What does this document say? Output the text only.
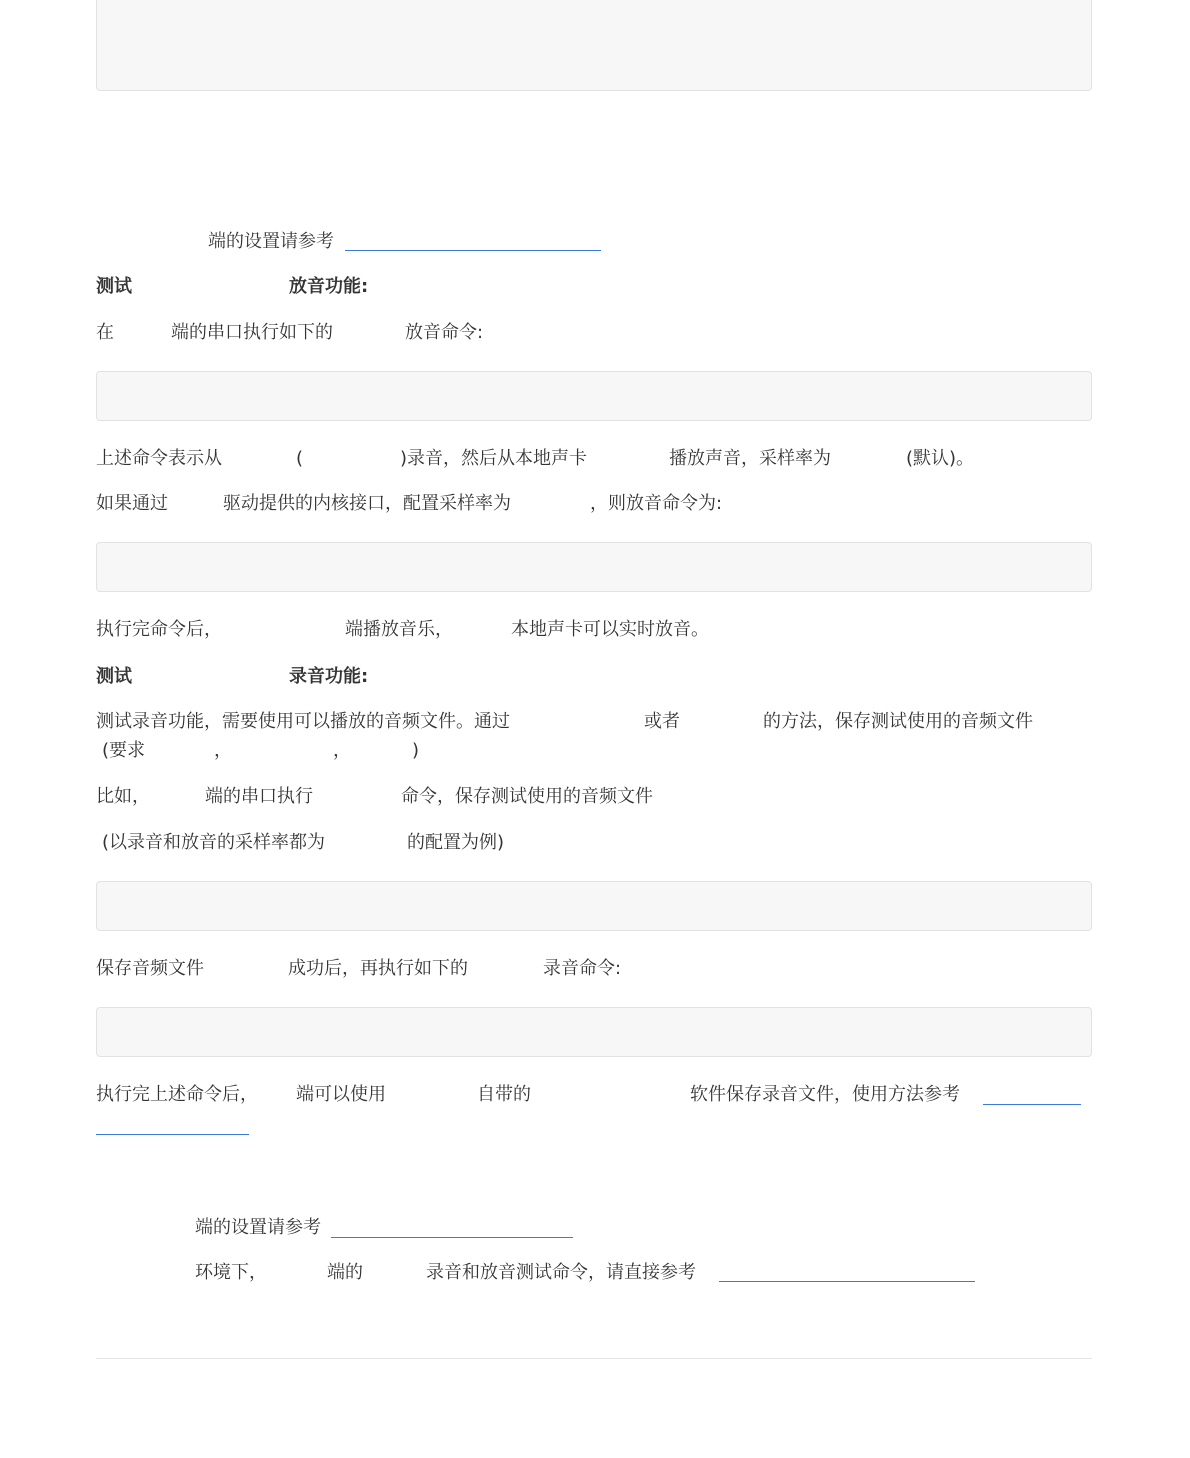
端的设置请参考
测试	放音功能:
在	端的串口执行如下的	放音命令:
上述命令表示从	(	)录音，然后从本地声卡	播放声音，采样率为	(默认)。
如果通过	驱动提供的内核接口，配置采样率为	，则放音命令为:
执行完命令后，	端播放音乐，	本地声卡可以实时放音。
测试	录音功能:
测试录音功能，需要使用可以播放的音频文件。通过	或者	的方法，保存测试使用的音频文件
(要求	，	，	)
比如，	端的串口执行	命令，保存测试使用的音频文件
(以录音和放音的采样率都为	的配置为例)
保存音频文件	成功后，再执行如下的	录音命令:
执行完上述命令后， 端可以使用	自带的	软件保存录音文件，使用方法参考
端的设置请参考
环境下，	端的	录音和放音测试命令，请直接参考
